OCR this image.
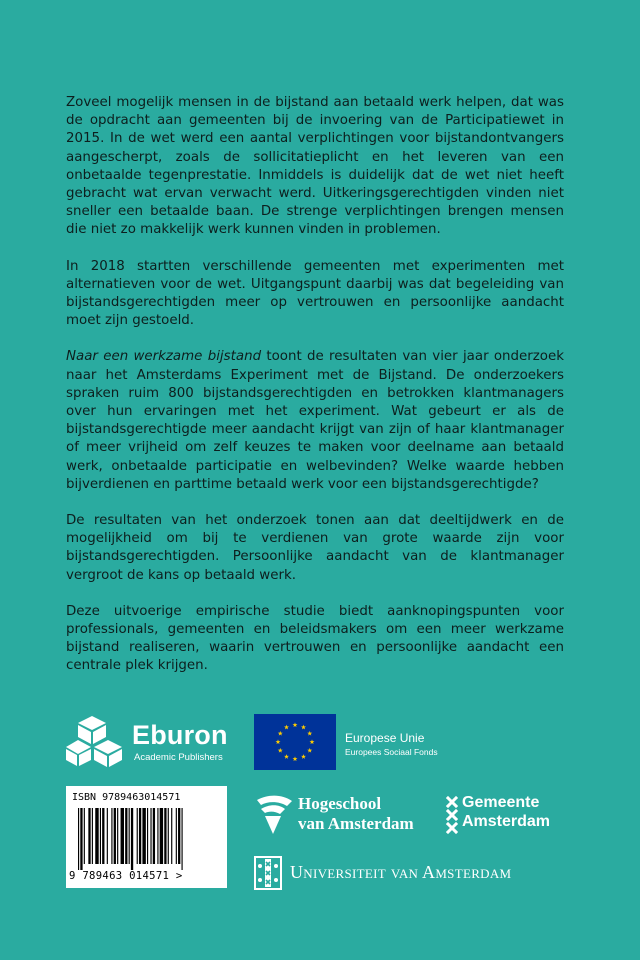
Zoveel mogelijk mensen in de bijstand aan betaald werk helpen, dat was de opdracht aan gemeenten bij de invoering van de Participatiewet in 2015. In de wet werd een aantal verplichtingen voor bijstandontvangers aangescherpt, zoals de sollicitatieplicht en het leveren van een onbetaalde tegenprestatie. Inmiddels is duidelijk dat de wet niet heeft gebracht wat ervan verwacht werd. Uitkeringsgerechtigden vinden niet sneller een betaalde baan. De strenge verplichtingen brengen mensen die niet zo makkelijk werk kunnen vinden in problemen.

In 2018 startten verschillende gemeenten met experimenten met alternatieven voor de wet. Uitgangspunt daarbij was dat begeleiding van bijstandsgerechtigden meer op vertrouwen en persoonlijke aandacht moet zijn gestoeld.

Naar een werkzame bijstand toont de resultaten van vier jaar onderzoek naar het Amsterdams Experiment met de Bijstand. De onderzoekers spraken ruim 800 bijstandsgerechtigden en betrokken klantmanagers over hun ervaringen met het experiment. Wat gebeurt er als de bijstandsgerechtigde meer aandacht krijgt van zijn of haar klantmanager of meer vrijheid om zelf keuzes te maken voor deelname aan betaald werk, onbetaalde participatie en welbevinden? Welke waarde hebben bijverdienen en parttime betaald werk voor een bijstandsgerechtigde?

De resultaten van het onderzoek tonen aan dat deeltijdwerk en de mogelijkheid om bij te verdienen van grote waarde zijn voor bijstandsgerechtigden. Persoonlijke aandacht van de klantmanager vergroot de kans op betaald werk.

Deze uitvoerige empirische studie biedt aanknopingspunten voor professionals, gemeenten en beleidsmakers om een meer werkzame bijstand realiseren, waarin vertrouwen en persoonlijke aandacht een centrale plek krijgen.

Eburon
Academic Publishers
Europese Unie
Europees Sociaal Fonds
ISBN 9789463014571
9 789463 014571 >
Hogeschool
van Amsterdam
Gemeente
Amsterdam
Universiteit van Amsterdam
